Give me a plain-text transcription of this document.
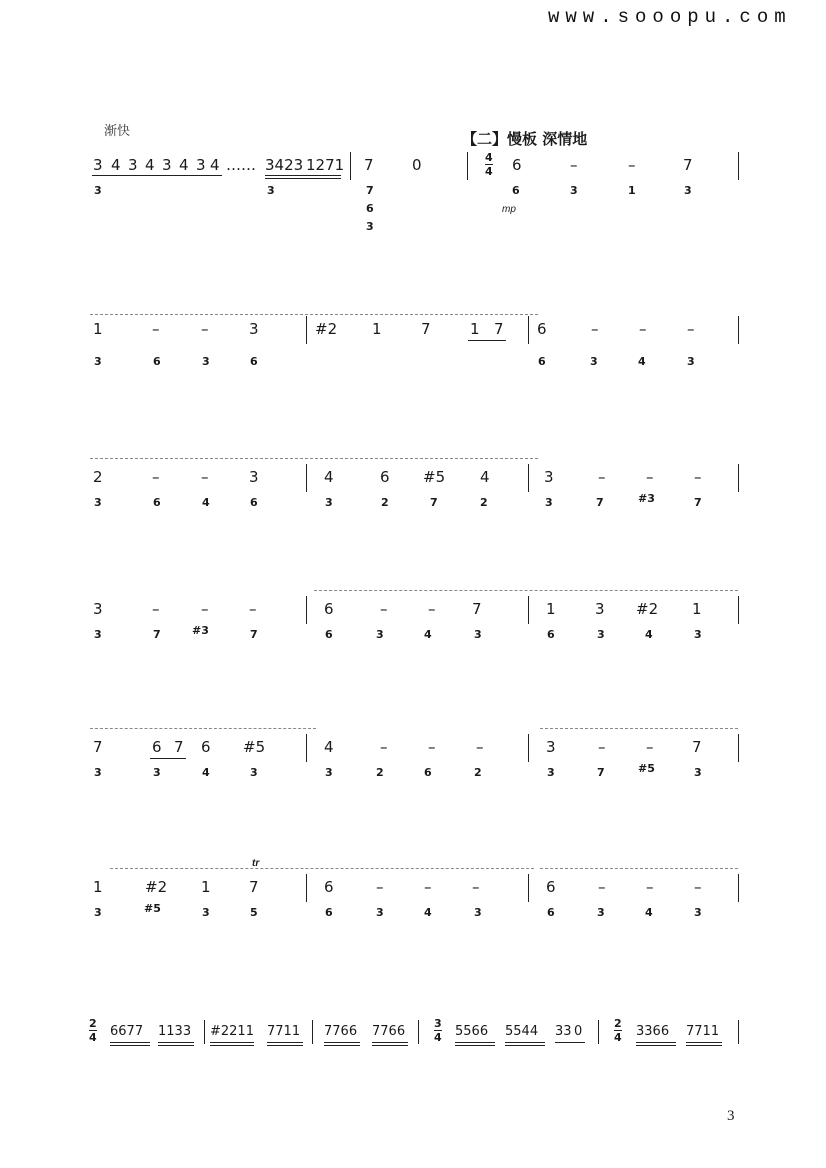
www.sooopu.com
渐快	【二】慢板 深情地
3 4 3 4 3 4 3 4 …… 3423 1271 7	0
3	3	7
6
3
4
4 6	–	–	7
6	3	1	3
mp
1	–	–	3	#2 1	7	1 7 6	–	–	–
3	6	3	6	6	3	4	3
2	–	–	3	4	6 #5 4	3	–	–	–
3	6	4	6	3	2	7	2	3	7	#3	7
3	–	–	–	6	–	– 7	1	3 #2 1
3	7	#3	7	6	3	4	3	6	3	4	3
7	6 7 6 #5	4	–	–	–	3	–	–	7
3	3	4	3	3	2	6	2	3	7	#5	3
tr
1	#2 1	7	6	–	–	–	6	–	–	–
3	#5	3	5	6	3	4	3	6	3	4	3
2
4 6677 1133 #2211 7711 7766 7766
3
4 5566 5544 33 0
2
4 3366 7711
3
